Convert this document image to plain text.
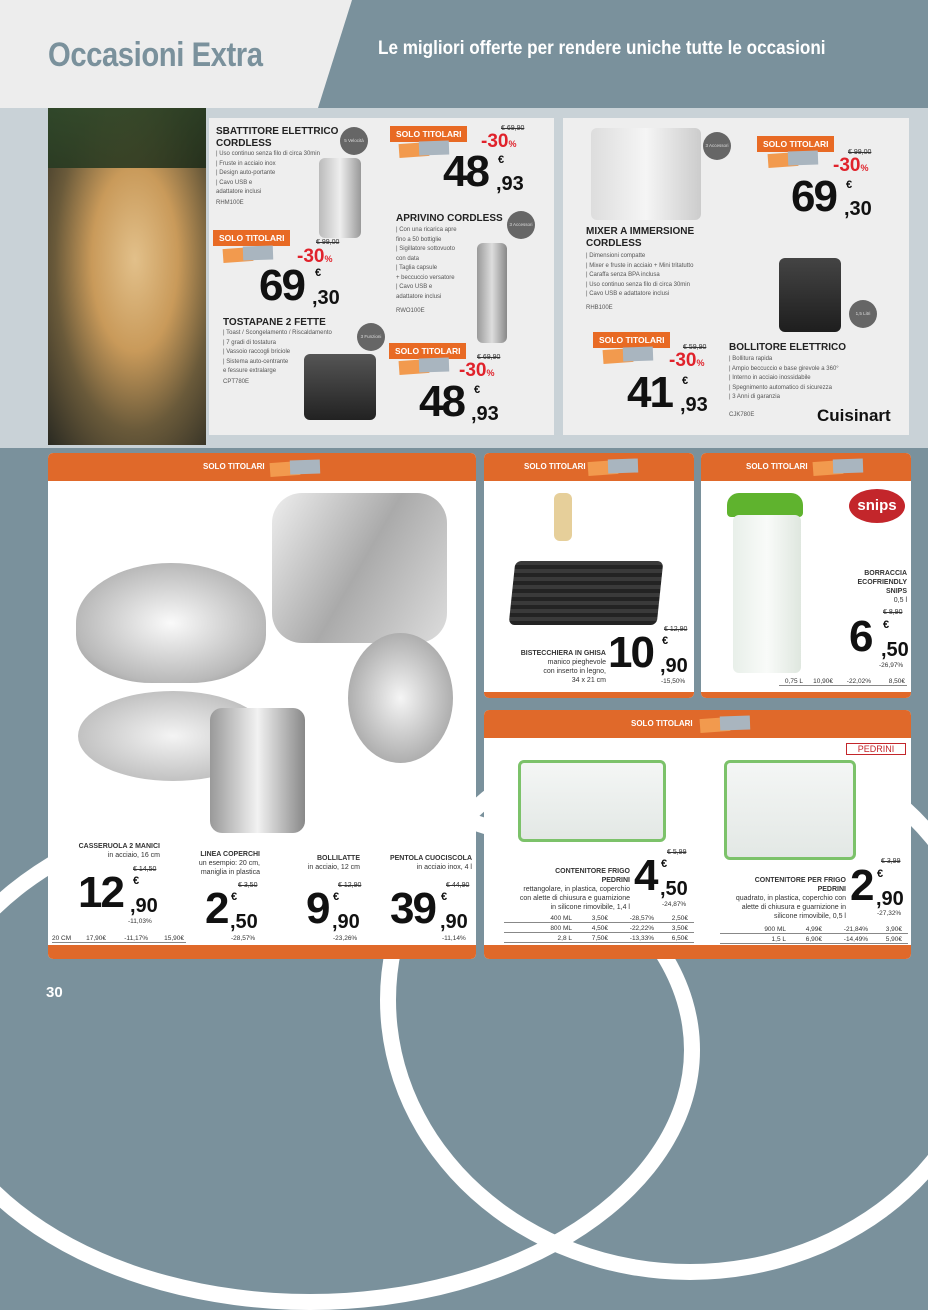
Occasioni Extra	Le migliori offerte per rendere uniche tutte le occasioni
SBATTITORE ELETTRICO
CORDLESS
| Uso continuo senza filo di circa 30min
| Fruste in acciaio inox
| Design auto-portante
| Cavo USB e
adattatore inclusi
RHM100E
5 Velocità
SOLO TITOLARI	€ 99,00
-30%
69 €
,30
SOLO TITOLARI
€ 69,90
-30%
48 €
,93
APRIVINO CORDLESS
3 Accessori
| Con una ricarica apre
fino a 50 bottiglie
| Sigillatore sottovuoto
con data
| Taglia capsule
+ beccuccio versatore
| Cavo USB e
adattatore inclusi
RWO100E
TOSTAPANE 2 FETTE
3 Funzioni
| Toast / Scongelamento / Riscaldamento
| 7 gradi di tostatura
| Vassoio raccogli briciole
| Sistema auto-centrante
e fessure extralarge
CPT780E
SOLO TITOLARI
€ 69,90
-30%
48 €
,93
3 Accessori	SOLO TITOLARI
€ 99,00
-30%
69 €
,30
MIXER A IMMERSIONE
CORDLESS
| Dimensioni compatte
| Mixer e fruste in acciaio + Mini tritatutto
| Caraffa senza BPA inclusa
| Uso continuo senza filo di circa 30min
| Cavo USB e adattatore inclusi
RHB100E
1,5 Litri
SOLO TITOLARI
€ 59,90
-30%
41 €
,93
BOLLITORE ELETTRICO
| Bollitura rapida
| Ampio beccuccio e base girevole a 360°
| Interno in acciaio inossidabile
| Spegnimento automatico di sicurezza
| 3 Anni di garanzia
CJK780E	Cuisinart
SOLO TITOLARI
CASSERUOLA 2 MANICI
in acciaio, 16 cm
€ 14,50
12 €
,90
-11,03%
20 CM	17,90€	-11,17%	15,90€
LINEA COPERCHI
un esempio: 20 cm,
maniglia in plastica
€ 3,50
2 €
,50
-28,57%
BOLLILATTE
in acciaio, 12 cm
€ 12,90
9 €
,90
-23,26%
PENTOLA CUOCISCOLA
in acciaio inox, 4 l
€ 44,90
39 €
,90
-11,14%
SOLO TITOLARI
BISTECCHIERA IN GHISA
manico pieghevole
con inserto in legno,
34 x 21 cm
€ 12,90
10 €
,90
-15,50%
SOLO TITOLARI
snips
BORRACCIA
ECOFRIENDLY
SNIPS
0,5 l
€ 8,90
6 €
,50
-26,97%
0,75 L	10,90€	-22,02%	8,50€
SOLO TITOLARI
PEDRINI
CONTENITORE FRIGO
PEDRINI
rettangolare, in plastica, coperchio
con alette di chiusura e guarnizione
in silicone rimovibile, 1,4 l
€ 5,99
4 €
,50
-24,87%
400 ML	3,50€	-28,57%	2,50€
800 ML	4,50€	-22,22%	3,50€
2,8 L	7,50€	-13,33%	6,50€
CONTENITORE PER FRIGO
PEDRINI
quadrato, in plastica, coperchio con
alette di chiusura e guarnizione in
silicone rimovibile, 0,5 l
€ 3,99
2 €
,90
-27,32%
900 ML	4,99€	-21,84%	3,90€
1,5 L	6,90€	-14,49%	5,90€
30
